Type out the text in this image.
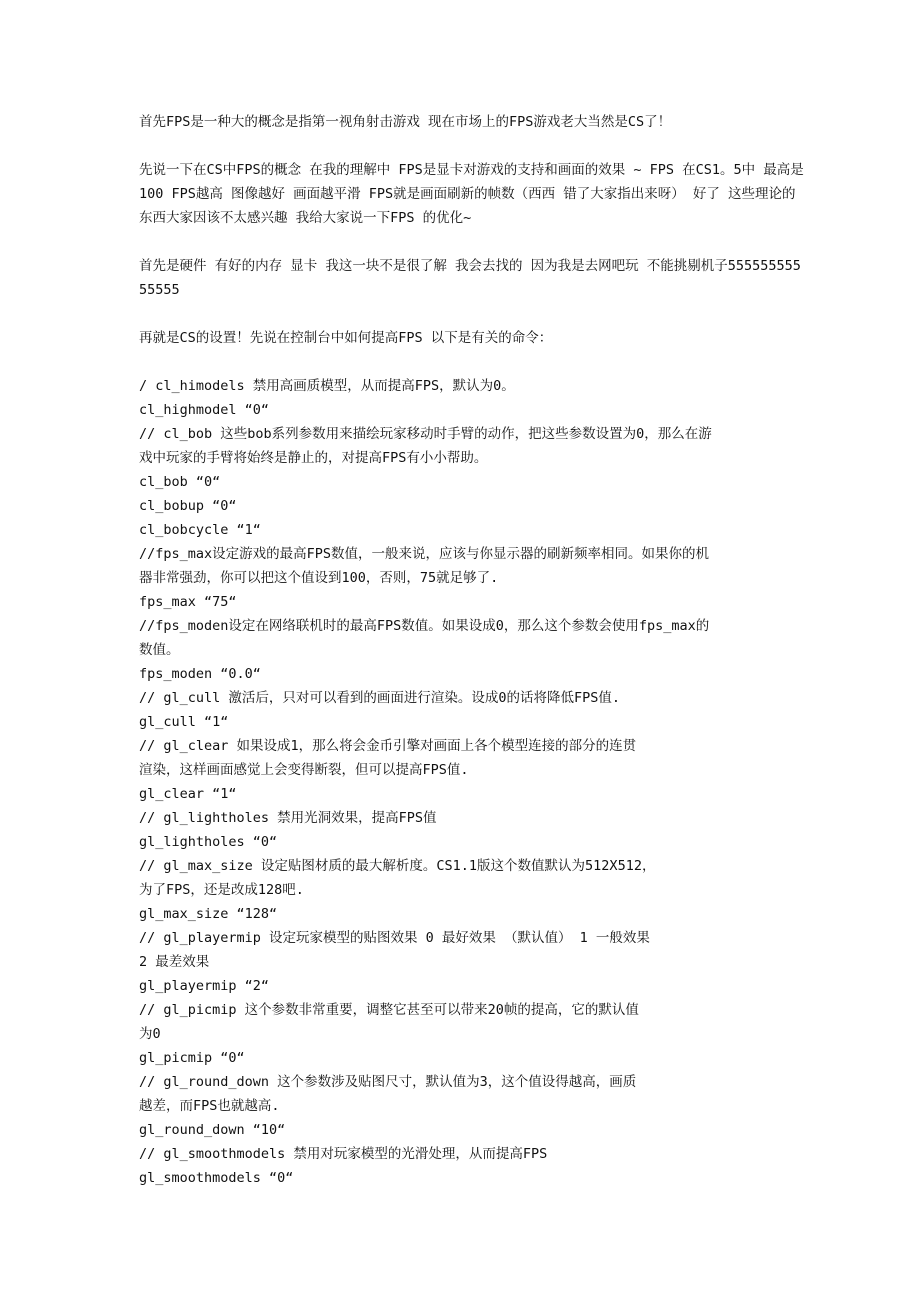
首先FPS是一种大的概念是指第一视角射击游戏 现在市场上的FPS游戏老大当然是CS了！

先说一下在CS中FPS的概念 在我的理解中 FPS是显卡对游戏的支持和画面的效果 ~ FPS 在CS1。5中 最高是100 FPS越高 图像越好 画面越平滑 FPS就是画面刷新的帧数（西西 错了大家指出来呀） 好了 这些理论的东西大家因该不太感兴趣 我给大家说一下FPS 的优化~

首先是硬件 有好的内存 显卡 我这一块不是很了解 我会去找的 因为我是去网吧玩 不能挑剔机子55555555555555

再就是CS的设置！先说在控制台中如何提高FPS 以下是有关的命令：

/ cl_himodels 禁用高画质模型，从而提高FPS，默认为0。

cl_highmodel “0“

// cl_bob 这些bob系列参数用来描绘玩家移动时手臂的动作，把这些参数设置为0，那么在游

戏中玩家的手臂将始终是静止的，对提高FPS有小小帮助。

cl_bob “0“

cl_bobup “0“

cl_bobcycle “1“

//fps_max设定游戏的最高FPS数值，一般来说，应该与你显示器的刷新频率相同。如果你的机

器非常强劲，你可以把这个值设到100，否则，75就足够了.

fps_max “75“

//fps_moden设定在网络联机时的最高FPS数值。如果设成0，那么这个参数会使用fps_max的

数值。

fps_moden “0.0“

// gl_cull 激活后，只对可以看到的画面进行渲染。设成0的话将降低FPS值.

gl_cull “1“

// gl_clear 如果设成1，那么将会金币引擎对画面上各个模型连接的部分的连贯

渲染，这样画面感觉上会变得断裂，但可以提高FPS值.

gl_clear “1“

// gl_lightholes 禁用光洞效果，提高FPS值

gl_lightholes “0“

// gl_max_size 设定贴图材质的最大解析度。CS1.1版这个数值默认为512X512，

为了FPS，还是改成128吧.

gl_max_size “128“

// gl_playermip 设定玩家模型的贴图效果 0 最好效果 （默认值） 1 一般效果

2 最差效果

gl_playermip “2“

// gl_picmip 这个参数非常重要，调整它甚至可以带来20帧的提高，它的默认值

为0

gl_picmip “0“

// gl_round_down 这个参数涉及贴图尺寸，默认值为3，这个值设得越高，画质

越差，而FPS也就越高.

gl_round_down “10“

// gl_smoothmodels 禁用对玩家模型的光滑处理，从而提高FPS

gl_smoothmodels “0“
